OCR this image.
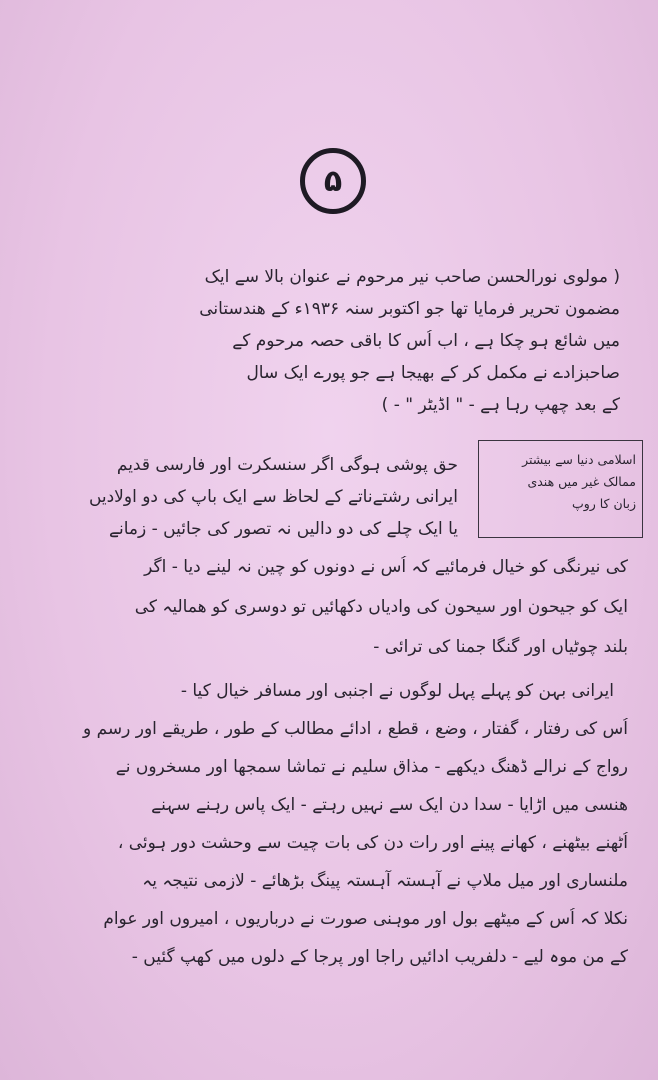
۵
( مولوی نورالحسن صاحب نیر مرحوم نے عنوان بالا سے ایک
مضمون تحریر فرمایا تھا جو اکتوبر سنہ ۱۹۳۶ء کے هندستانی
میں شائع ہو چکا ہے ، اب اُس کا باقی حصہ مرحوم کے
صاحبزادے نے مکمل کر کے بھیجا ہے جو پورے ایک سال
کے بعد چھپ رہا ہے - " اڈیٹر " - )
اسلامی دنیا سے بیشتر
ممالک غیر میں هندی
زبان کا روپ
حق پوشی ہوگی اگر سنسکرت اور فارسی قدیم
ایرانی رشتےناتے کے لحاظ سے ایک باپ کی دو اولادیں
یا ایک چلے کی دو دالیں نہ تصور کی جائیں - زمانے
کی نیرنگی کو خیال فرمائیے کہ اُس نے دونوں کو چین نہ لینے دیا - اگر
ایک کو جیحون اور سیحون کی وادیاں دکھائیں تو دوسری کو همالیہ کی
بلند چوٹیاں اور گنگا جمنا کی ترائی -
ایرانی بہن کو پہلے پہل لوگوں نے اجنبی اور مسافر خیال کیا -
اُس کی رفتار ، گفتار ، وضع ، قطع ، ادائے مطالب کے طور ، طریقے اور رسم و
رواج کے نرالے ڈھنگ دیکھے - مذاق سلیم نے تماشا سمجھا اور مسخروں نے
هنسی میں اڑایا - سدا دن ایک سے نہیں رہتے - ایک پاس رہنے سہنے
اُٹھنے بیٹھنے ، کھانے پینے اور رات دن کی بات چیت سے وحشت دور ہوئی ،
ملنساری اور میل ملاپ نے آہستہ آہستہ پینگ بڑھائے - لازمی نتیجہ یہ
نکلا کہ اُس کے میٹھے بول اور موہنی صورت نے درباریوں ، امیروں اور عوام
کے من موہ لیے - دلفریب ادائیں راجا اور پرجا کے دلوں میں کھپ گئیں -
